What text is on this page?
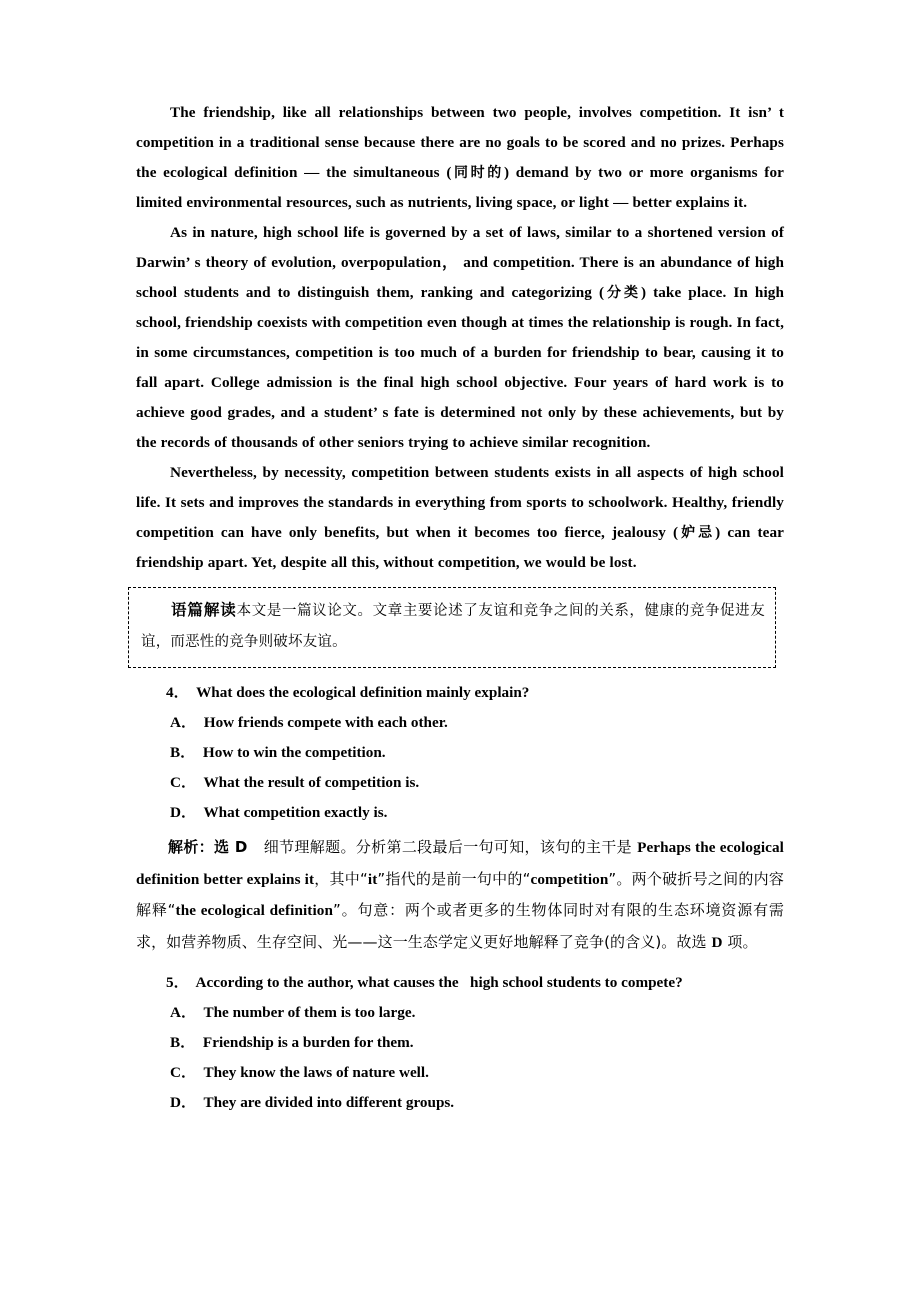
The friendship, like all relationships between two people, involves competition. It isn’ t competition in a traditional sense because there are no goals to be scored and no prizes. Perhaps the ecological definition — the simultaneous (同时的) demand by two or more organisms for limited environmental resources, such as nutrients, living space, or light — better explains it.

As in nature, high school life is governed by a set of laws, similar to a shortened version of Darwin’ s theory of evolution, overpopulation， and competition. There is an abundance of high school students and to distinguish them, ranking and categorizing (分类) take place. In high school, friendship coexists with competition even though at times the relationship is rough. In fact, in some circumstances, competition is too much of a burden for friendship to bear, causing it to fall apart. College admission is the final high school objective. Four years of hard work is to achieve good grades, and a student’ s fate is determined not only by these achievements, but by the records of thousands of other seniors trying to achieve similar recognition.

Nevertheless, by necessity, competition between students exists in all aspects of high school life. It sets and improves the standards in everything from sports to schoolwork. Healthy, friendly competition can have only benefits, but when it becomes too fierce, jealousy (妒忌) can tear friendship apart. Yet, despite all this, without competition, we would be lost.

语篇解读本文是一篇议论文。文章主要论述了友谊和竞争之间的关系，健康的竞争促进友谊，而恶性的竞争则破坏友谊。

4． What does the ecological definition mainly explain?

A． How friends compete with each other.

B． How to win the competition.

C． What the result of competition is.

D． What competition exactly is.

解析：选 D 细节理解题。分析第二段最后一句可知，该句的主干是 Perhaps the ecological definition better explains it，其中“it”指代的是前一句中的“competition”。两个破折号之间的内容解释“the ecological definition”。句意：两个或者更多的生物体同时对有限的生态环境资源有需求，如营养物质、生存空间、光——这一生态学定义更好地解释了竞争(的含义)。故选 D 项。

5． According to the author, what causes the   high school students to compete?

A． The number of them is too large.

B． Friendship is a burden for them.

C． They know the laws of nature well.

D． They are divided into different groups.
